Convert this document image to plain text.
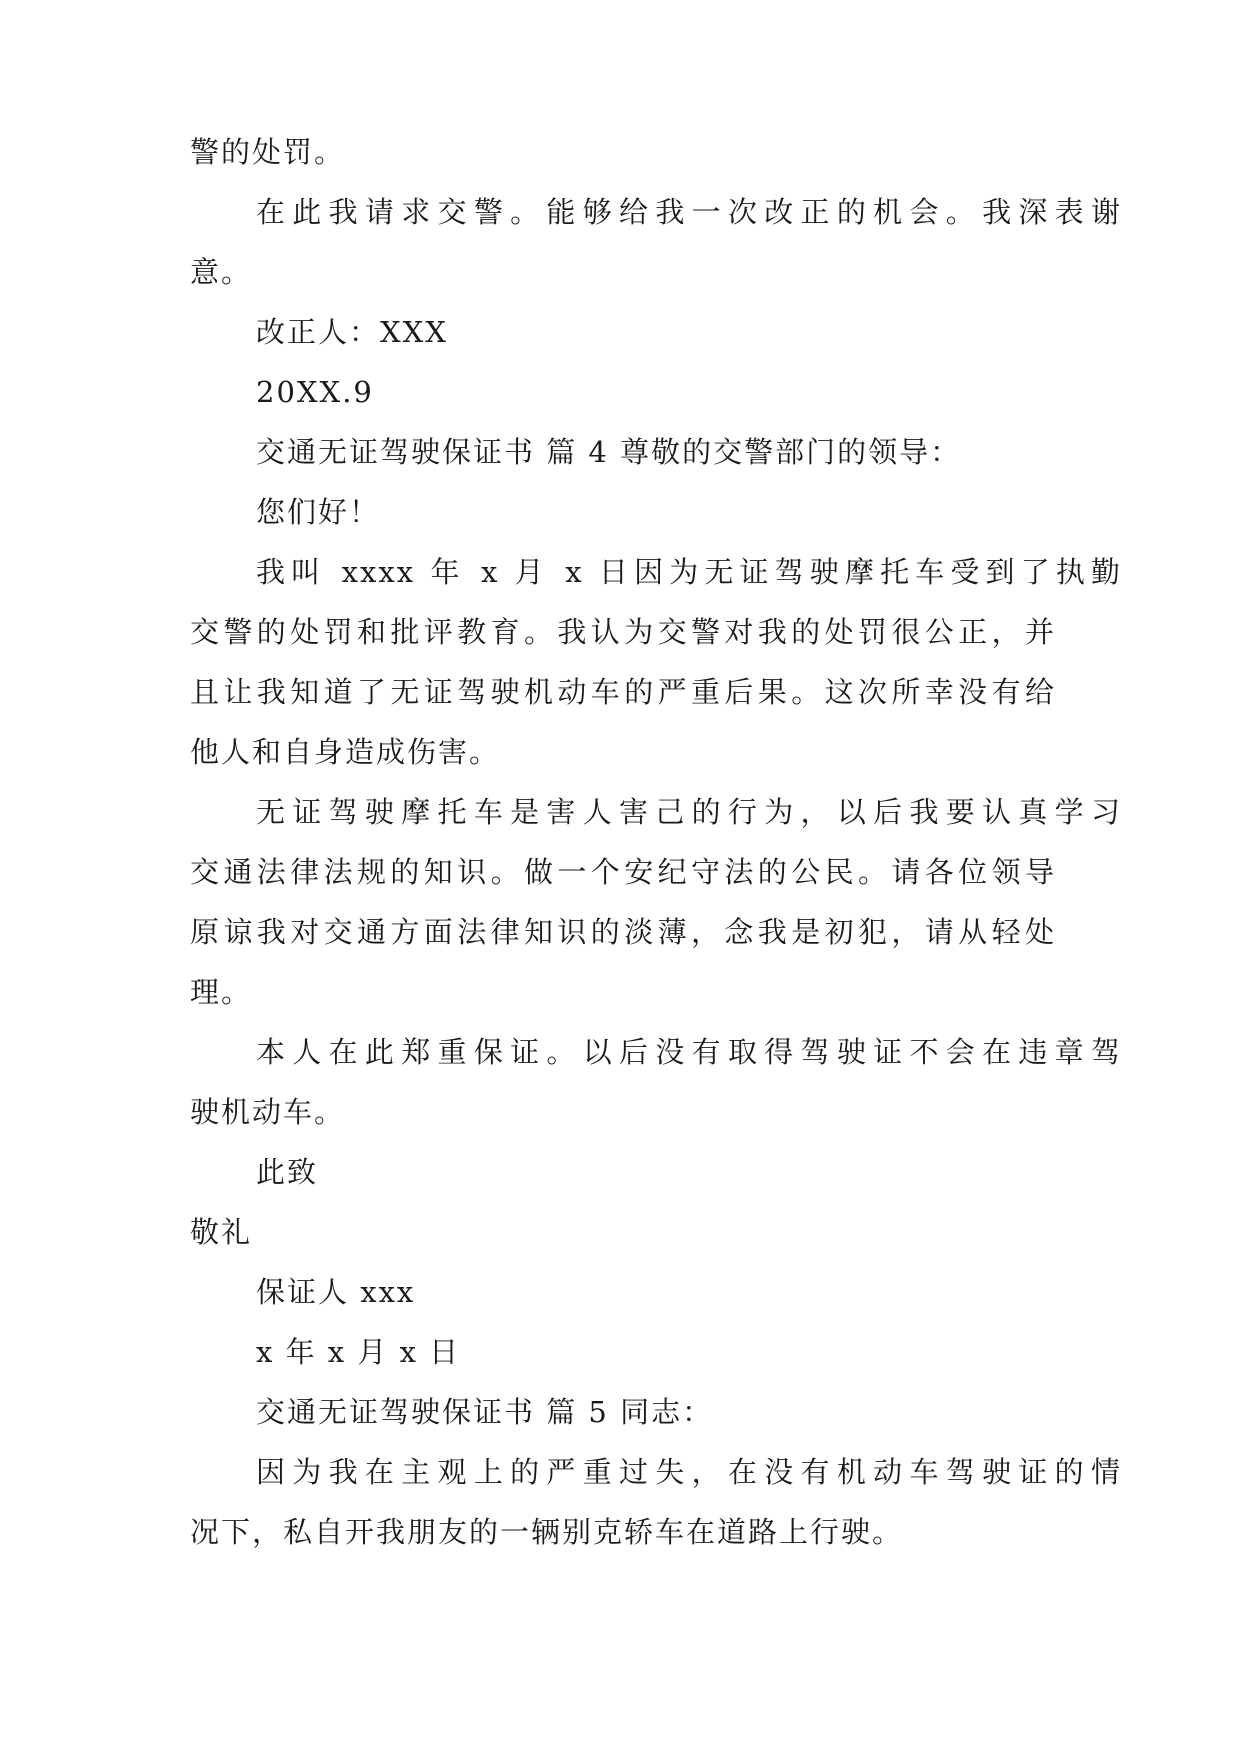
警的处罚。

在此我请求交警。能够给我一次改正的机会。我深表谢

意。

改正人：XXX

20XX.9

交通无证驾驶保证书 篇 4 尊敬的交警部门的领导：

您们好！

我叫 xxxx 年 x 月 x 日因为无证驾驶摩托车受到了执勤

交警的处罚和批评教育。我认为交警对我的处罚很公正，并

且让我知道了无证驾驶机动车的严重后果。这次所幸没有给

他人和自身造成伤害。

无证驾驶摩托车是害人害己的行为，以后我要认真学习

交通法律法规的知识。做一个安纪守法的公民。请各位领导

原谅我对交通方面法律知识的淡薄，念我是初犯，请从轻处

理。

本人在此郑重保证。以后没有取得驾驶证不会在违章驾

驶机动车。

此致

敬礼

保证人 xxx

x 年 x 月 x 日

交通无证驾驶保证书 篇 5 同志：

因为我在主观上的严重过失，在没有机动车驾驶证的情

况下，私自开我朋友的一辆别克轿车在道路上行驶。
